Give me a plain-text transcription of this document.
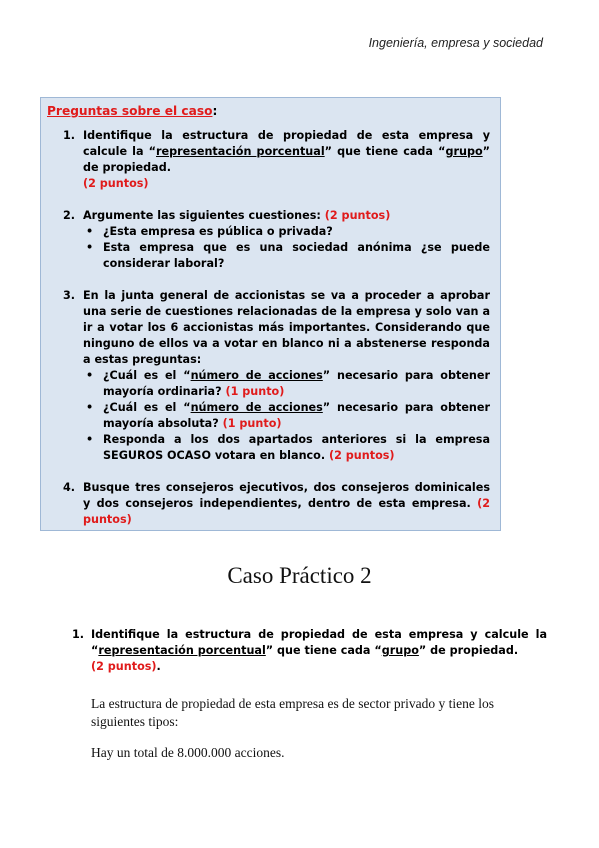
Ingeniería, empresa y sociedad
Preguntas sobre el caso:
1. Identifique la estructura de propiedad de esta empresa y calcule la “representación porcentual” que tiene cada “grupo” de propiedad.
(2 puntos)
2. Argumente las siguientes cuestiones: (2 puntos)
• ¿Esta empresa es pública o privada?
• Esta empresa que es una sociedad anónima ¿se puede considerar laboral?
3. En la junta general de accionistas se va a proceder a aprobar una serie de cuestiones relacionadas de la empresa y solo van a ir a votar los 6 accionistas más importantes. Considerando que ninguno de ellos va a votar en blanco ni a abstenerse responda a estas preguntas:
• ¿Cuál es el “número de acciones” necesario para obtener mayoría ordinaria? (1 punto)
• ¿Cuál es el “número de acciones” necesario para obtener mayoría absoluta? (1 punto)
• Responda a los dos apartados anteriores si la empresa SEGUROS OCASO votara en blanco. (2 puntos)
4. Busque tres consejeros ejecutivos, dos consejeros dominicales y dos consejeros independientes, dentro de esta empresa. (2 puntos)
Caso Práctico 2
1. Identifique la estructura de propiedad de esta empresa y calcule la “representación porcentual” que tiene cada “grupo” de propiedad.
(2 puntos).
La estructura de propiedad de esta empresa es de sector privado y tiene los siguientes tipos:
Hay un total de 8.000.000 acciones.
